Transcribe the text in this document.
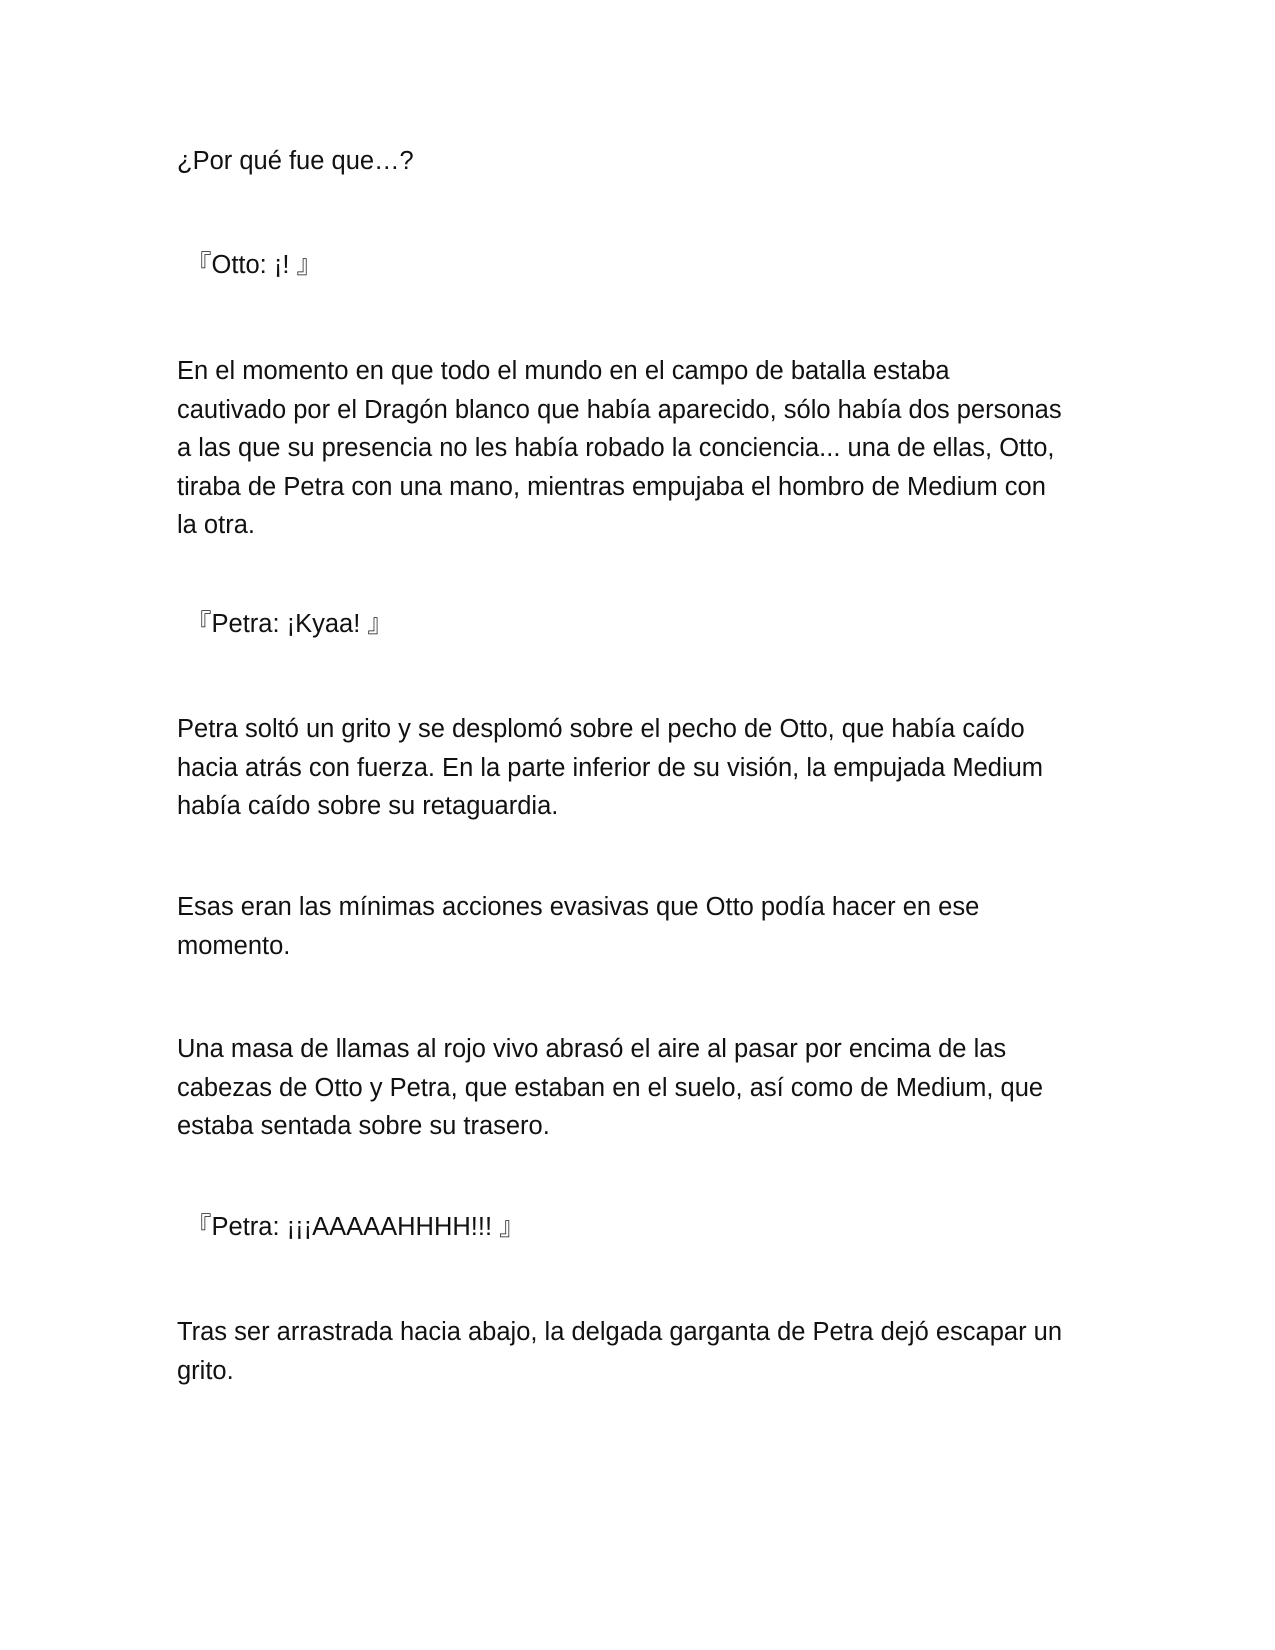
¿Por qué fue que…?

『Otto: ¡! 』

En el momento en que todo el mundo en el campo de batalla estaba
cautivado por el Dragón blanco que había aparecido, sólo había dos personas
a las que su presencia no les había robado la conciencia... una de ellas, Otto,
tiraba de Petra con una mano, mientras empujaba el hombro de Medium con
la otra.

『Petra: ¡Kyaa! 』

Petra soltó un grito y se desplomó sobre el pecho de Otto, que había caído
hacia atrás con fuerza. En la parte inferior de su visión, la empujada Medium
había caído sobre su retaguardia.

Esas eran las mínimas acciones evasivas que Otto podía hacer en ese
momento.

Una masa de llamas al rojo vivo abrasó el aire al pasar por encima de las
cabezas de Otto y Petra, que estaban en el suelo, así como de Medium, que
estaba sentada sobre su trasero.

『Petra: ¡¡¡AAAAAHHHH!!! 』

Tras ser arrastrada hacia abajo, la delgada garganta de Petra dejó escapar un
grito.
